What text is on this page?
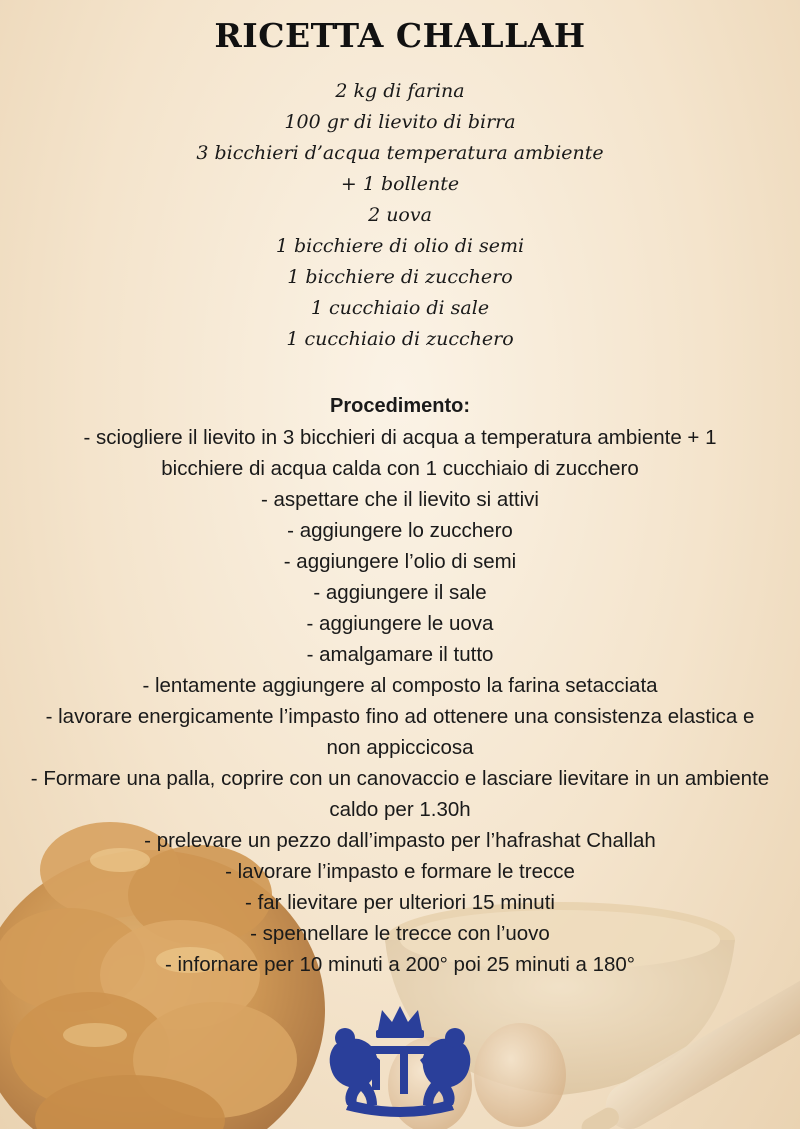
RICETTA CHALLAH
2 kg di farina
100 gr di lievito di birra
3 bicchieri d’acqua temperatura ambiente
+ 1 bollente
2 uova
1 bicchiere di olio di semi
1 bicchiere di zucchero
1 cucchiaio di sale
1 cucchiaio di zucchero
Procedimento:
- sciogliere il lievito in 3 bicchieri di acqua a temperatura ambiente + 1 bicchiere di acqua calda con 1 cucchiaio di zucchero
- aspettare che il lievito si attivi
- aggiungere lo zucchero
- aggiungere l’olio di semi
- aggiungere il sale
- aggiungere le uova
- amalgamare il tutto
- lentamente aggiungere al composto la farina setacciata
- lavorare energicamente l’impasto fino ad ottenere una consistenza elastica e non appiccicosa
- Formare una palla, coprire con un canovaccio e lasciare lievitare in un ambiente caldo per 1.30h
- prelevare un pezzo dall’impasto per l’hafrashat Challah
- lavorare l’impasto e formare le trecce
- far lievitare per ulteriori 15 minuti
- spennellare le trecce con l’uovo
- infornare per 10 minuti a 200° poi 25 minuti a 180°
